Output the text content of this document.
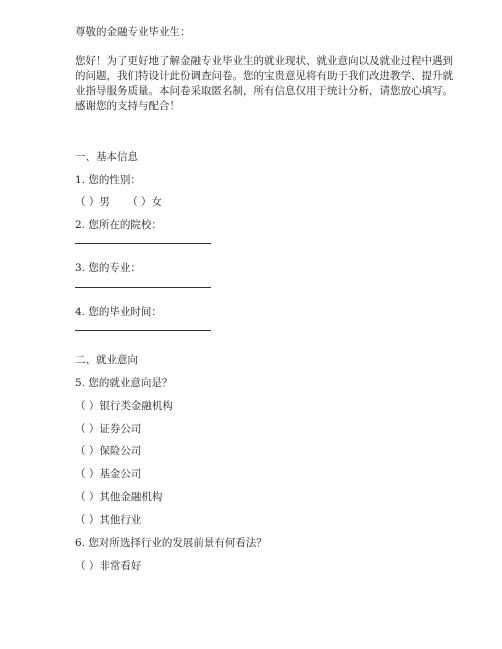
尊敬的金融专业毕业生：
您好！为了更好地了解金融专业毕业生的就业现状、就业意向以及就业过程中遇到
的问题，我们特设计此份调查问卷。您的宝贵意见将有助于我们改进教学、提升就
业指导服务质量。本问卷采取匿名制，所有信息仅用于统计分析，请您放心填写。
感谢您的支持与配合！
一、基本信息
1. 您的性别：
（ ）男 （ ）女
2. 您所在的院校：
3. 您的专业：
4. 您的毕业时间：
二、就业意向
5. 您的就业意向是？
（ ）银行类金融机构
（ ）证券公司
（ ）保险公司
（ ）基金公司
（ ）其他金融机构
（ ）其他行业
6. 您对所选择行业的发展前景有何看法？
（ ）非常看好
